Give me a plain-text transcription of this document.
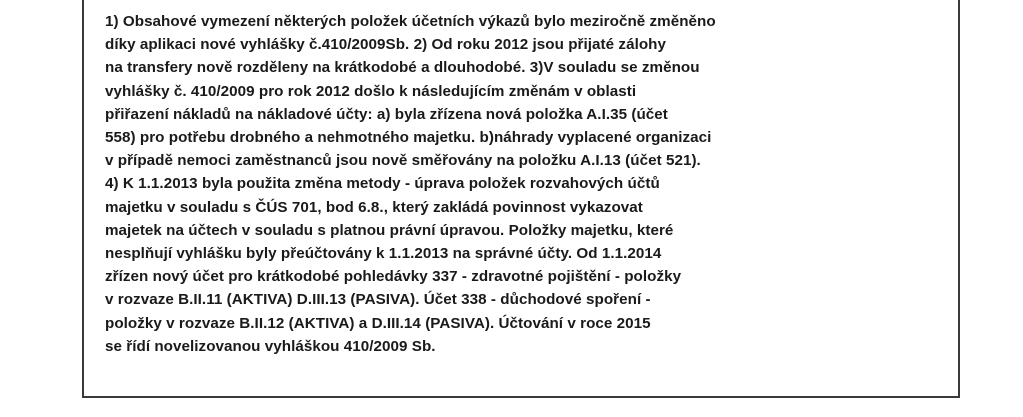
1) Obsahové vymezení některých položek účetních výkazů bylo meziročně změněno
díky aplikaci nové vyhlášky č.410/2009Sb. 2) Od roku 2012 jsou přijaté zálohy
na transfery nově rozděleny na krátkodobé a dlouhodobé. 3)V souladu se změnou
vyhlášky č. 410/2009 pro rok 2012 došlo k následujícím změnám v oblasti
přiřazení nákladů na nákladové účty: a) byla zřízena nová položka A.I.35 (účet
558) pro potřebu drobného a nehmotného majetku. b)náhrady vyplacené organizaci
v případě nemoci zaměstnanců jsou nově směřovány na položku A.I.13 (účet 521).
4) K 1.1.2013 byla použita změna metody - úprava položek rozvahových účtů
majetku v souladu s ČÚS 701, bod 6.8., který zakládá povinnost vykazovat
majetek na účtech v souladu s platnou právní úpravou. Položky majetku, které
nesplňují vyhlášku byly přeúčtovány k 1.1.2013 na správné účty. Od 1.1.2014
zřízen nový účet pro krátkodobé pohledávky 337 - zdravotné pojištění - položky
v rozvaze B.II.11 (AKTIVA) D.III.13 (PASIVA). Účet 338 - důchodové spoření -
položky v rozvaze B.II.12 (AKTIVA) a D.III.14 (PASIVA). Účtování v roce 2015
se řídí novelizovanou vyhláškou 410/2009 Sb.
